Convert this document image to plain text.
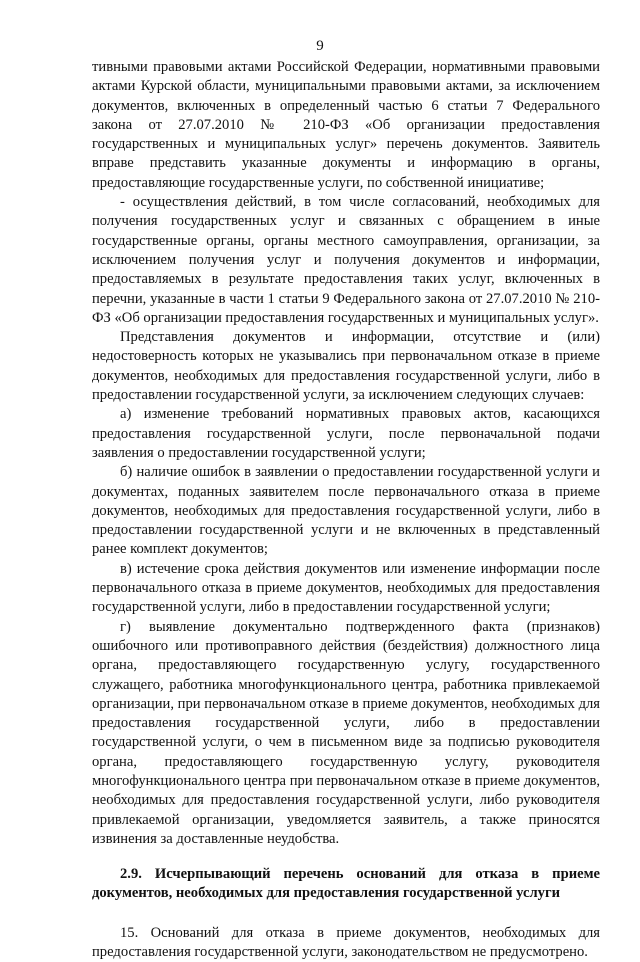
9

тивными правовыми актами Российской Федерации, нормативными правовыми актами Курской области, муниципальными правовыми актами, за исключением документов, включенных в определенный частью 6 статьи 7 Федерального закона от 27.07.2010 № 210-ФЗ «Об организации предоставления государственных и муниципальных услуг» перечень документов. Заявитель вправе представить указанные документы и информацию в органы, предоставляющие государственные услуги, по собственной инициативе;

- осуществления действий, в том числе согласований, необходимых для получения государственных услуг и связанных с обращением в иные государственные органы, органы местного самоуправления, организации, за исключением получения услуг и получения документов и информации, предоставляемых в результате предоставления таких услуг, включенных в перечни, указанные в части 1 статьи 9 Федерального закона от 27.07.2010 № 210-ФЗ «Об организации предоставления государственных и муниципальных услуг».

Представления документов и информации, отсутствие и (или) недостоверность которых не указывались при первоначальном отказе в приеме документов, необходимых для предоставления государственной услуги, либо в предоставлении государственной услуги, за исключением следующих случаев:

а) изменение требований нормативных правовых актов, касающихся предоставления государственной услуги, после первоначальной подачи заявления о предоставлении государственной услуги;

б) наличие ошибок в заявлении о предоставлении государственной услуги и документах, поданных заявителем после первоначального отказа в приеме документов, необходимых для предоставления государственной услуги, либо в предоставлении государственной услуги и не включенных в представленный ранее комплект документов;

в) истечение срока действия документов или изменение информации после первоначального отказа в приеме документов, необходимых для предоставления государственной услуги, либо в предоставлении государственной услуги;

г) выявление документально подтвержденного факта (признаков) ошибочного или противоправного действия (бездействия) должностного лица органа, предоставляющего государственную услугу, государственного служащего, работника многофункционального центра, работника привлекаемой организации, при первоначальном отказе в приеме документов, необходимых для предоставления государственной услуги, либо в предоставлении государственной услуги, о чем в письменном виде за подписью руководителя органа, предоставляющего государственную услугу, руководителя многофункционального центра при первоначальном отказе в приеме документов, необходимых для предоставления государственной услуги, либо руководителя привлекаемой организации, уведомляется заявитель, а также приносятся извинения за доставленные неудобства.

2.9. Исчерпывающий перечень оснований для отказа в приеме документов, необходимых для предоставления государственной услуги

15. Оснований для отказа в приеме документов, необходимых для предоставления государственной услуги, законодательством не предусмотрено.
